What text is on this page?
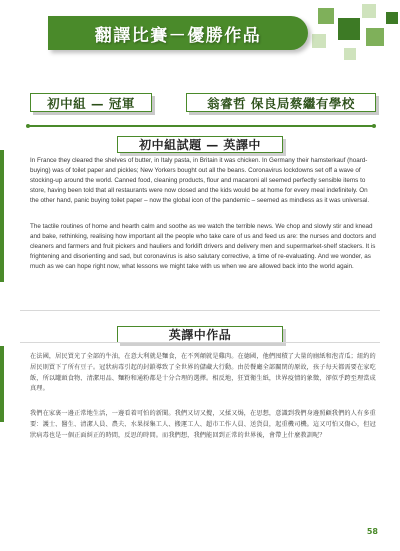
翻譯比賽－優勝作品
初中組 — 冠軍	翁睿哲 保良局蔡繼有學校
初中組試題 — 英譯中
In France they cleared the shelves of butter, in Italy pasta, in Britain it was chicken. In Germany their hamsterkauf (hoard-buying) was of toilet paper and pickles; New Yorkers bought out all the beans. Coronavirus lockdowns set off a wave of stocking-up around the world. Canned food, cleaning products, flour and macaroni all seemed perfectly sensible items to store, having been told that all restaurants were now closed and the kids would be at home for every meal indefinitely. On the other hand, panic buying toilet paper – now the global icon of the pandemic – seemed as mindless as it was universal.
The tactile routines of home and hearth calm and soothe as we watch the terrible news. We chop and slowly stir and knead and bake, rethinking, realising how important all the people who take care of us and feed us are: the nurses and doctors and cleaners and farmers and fruit pickers and hauliers and forklift drivers and delivery men and supermarket-shelf stackers. It is frightening and disorienting and sad, but coronavirus is also salutary corrective, a time of re-evaluating. And we wonder, as much as we can hope right now, what lessons we might take with us when we are allowed back into the world again.
英譯中作品
在法國，居民買光了全部的牛油，在意大利就是麵食，在不列顛就是雞肉。在德國，他們囤積了大量的廁紙和泡青瓜；紐約的居民則買下了所有豆子。冠狀病毒引起的封鎖導致了全世界的儲藏大行動。由於餐廳全部關閉的原故，孩子每天都需要在家吃飯，所以罐頭食物、清潔用品、麵粉和通粉都是十分合理的選擇。相反地，狂買衛生紙，世界疫情的象徵，卻似乎跨至理當成真理。
我們在家裏一邊正常地生活，一邊看着可怕的新聞。我們又切又攪，又揉又焗，在思想，意識到我們身邊照顧我們的人有多重要：護士、醫生、清潔人員、農夫、水果採集工人、搬運工人、超市工作人員、送貨員，起重機司機。這又可怕又傷心，但冠狀病毒也是一個正面糾正的時間，反思的時間。而我們想，我們能回到正常的世界後，會帶上什麼教訓呢？
58
